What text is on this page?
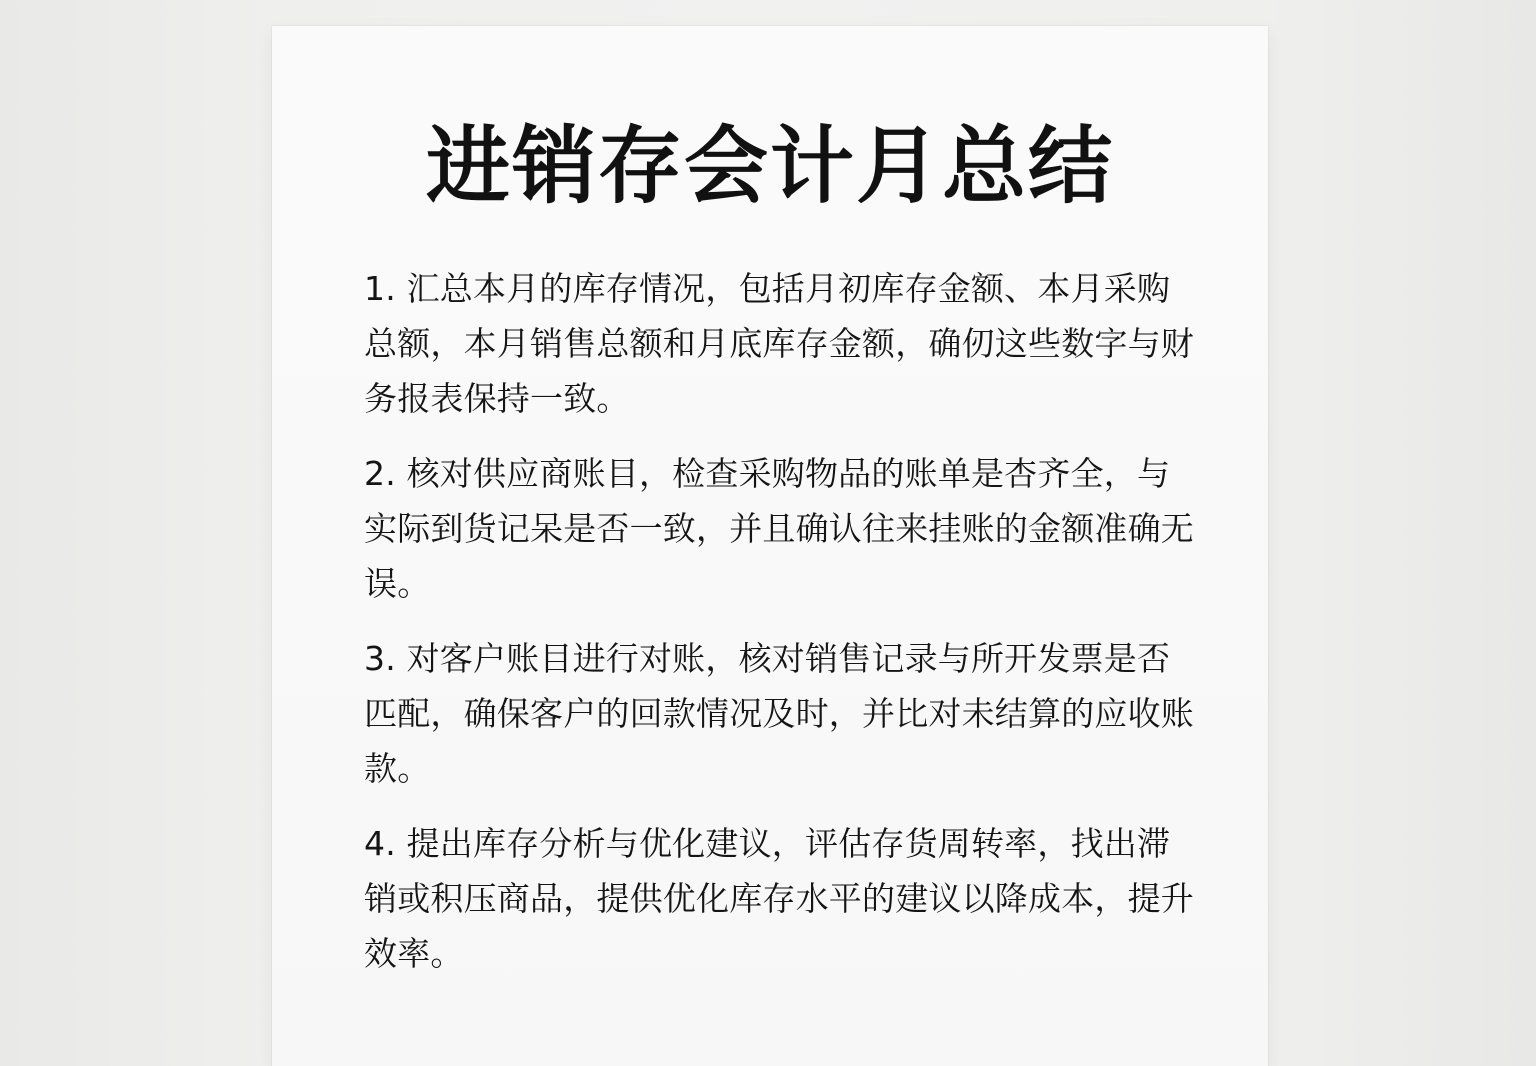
进销存会计月总结

1. 汇总本月的库存情况，包括月初库存金额、本月采购总额，本月销售总额和月底库存金额，确仞这些数字与财务报表保持一致。

2. 核对供应商账目，检查采购物品的账单是杏齐全，与实际到货记呆是否一致，并且确认往来挂账的金额准确无误。

3. 对客户账目进行对账，核对销售记录与所开发票是否匹配，确保客户的回款情况及时，并比对未结算的应收账款。

4. 提出库存分析与优化建议，评估存货周转率，找出滞销或积压商品，提供优化库存水平的建议以降成本，提升效率。
